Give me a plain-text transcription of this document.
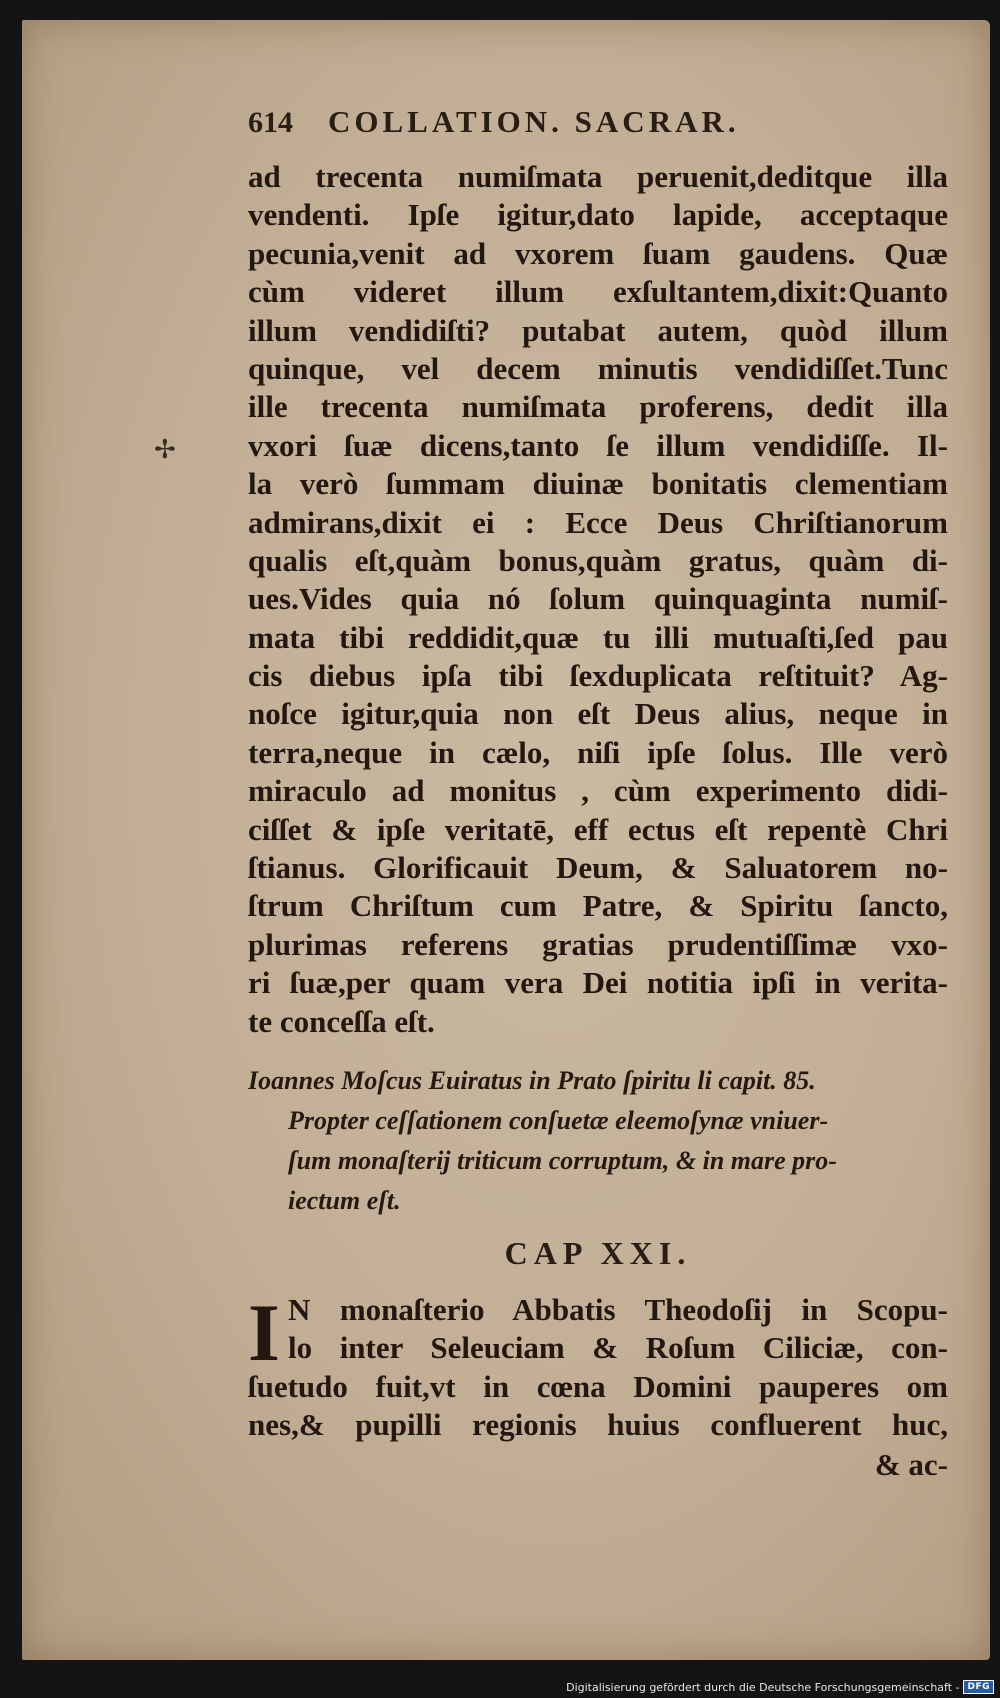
614	COLLATION. SACRAR.
ad trecenta numiſmata peruenit,deditque illa
vendenti. Ipſe igitur,dato lapide, acceptaque
pecunia,venit ad vxorem ſuam gaudens. Quæ
cùm videret illum exſultantem,dixit:Quanto
illum vendidiſti? putabat autem, quòd illum
quinque, vel decem minutis vendidiſſet.Tunc
ille trecenta numiſmata proferens, dedit illa
vxori ſuæ dicens,tanto ſe illum vendidiſſe. Il-
la verò ſummam diuinæ bonitatis clementiam
admirans,dixit ei : Ecce Deus Chriſtianorum
qualis eſt,quàm bonus,quàm gratus, quàm di-
ues.Vides quia nó ſolum quinquaginta numiſ-
mata tibi reddidit,quæ tu illi mutuaſti,ſed pau
cis diebus ipſa tibi ſexduplicata reſtituit? Ag-
noſce igitur,quia non eſt Deus alius, neque in
terra,neque in cælo, niſi ipſe ſolus. Ille verò
miraculo ad monitus , cùm experimento didi-
ciſſet & ipſe veritatē, eff ectus eſt repentè Chri
ſtianus. Glorificauit Deum, & Saluatorem no-
ſtrum Chriſtum cum Patre, & Spiritu ſancto,
plurimas referens gratias prudentiſſimæ vxo-
ri ſuæ,per quam vera Dei notitia ipſi in verita-
te conceſſa eſt.
Ioannes Moſcus Euiratus in Prato ſpiritu li capit. 85.
Propter ceſſationem conſuetæ eleemoſynæ vniuer-
ſum monaſterij triticum corruptum, & in mare pro-
iectum eſt.
CAP XXI.
I N monaſterio Abbatis Theodoſij in Scopu-
lo inter Seleuciam & Roſum Ciliciæ, con-
ſuetudo fuit,vt in cœna Domini pauperes om
nes,& pupilli regionis huius confluerent huc,
& ac-
✢
Digitalisierung gefördert durch die Deutsche Forschungsgemeinschaft - DFG
